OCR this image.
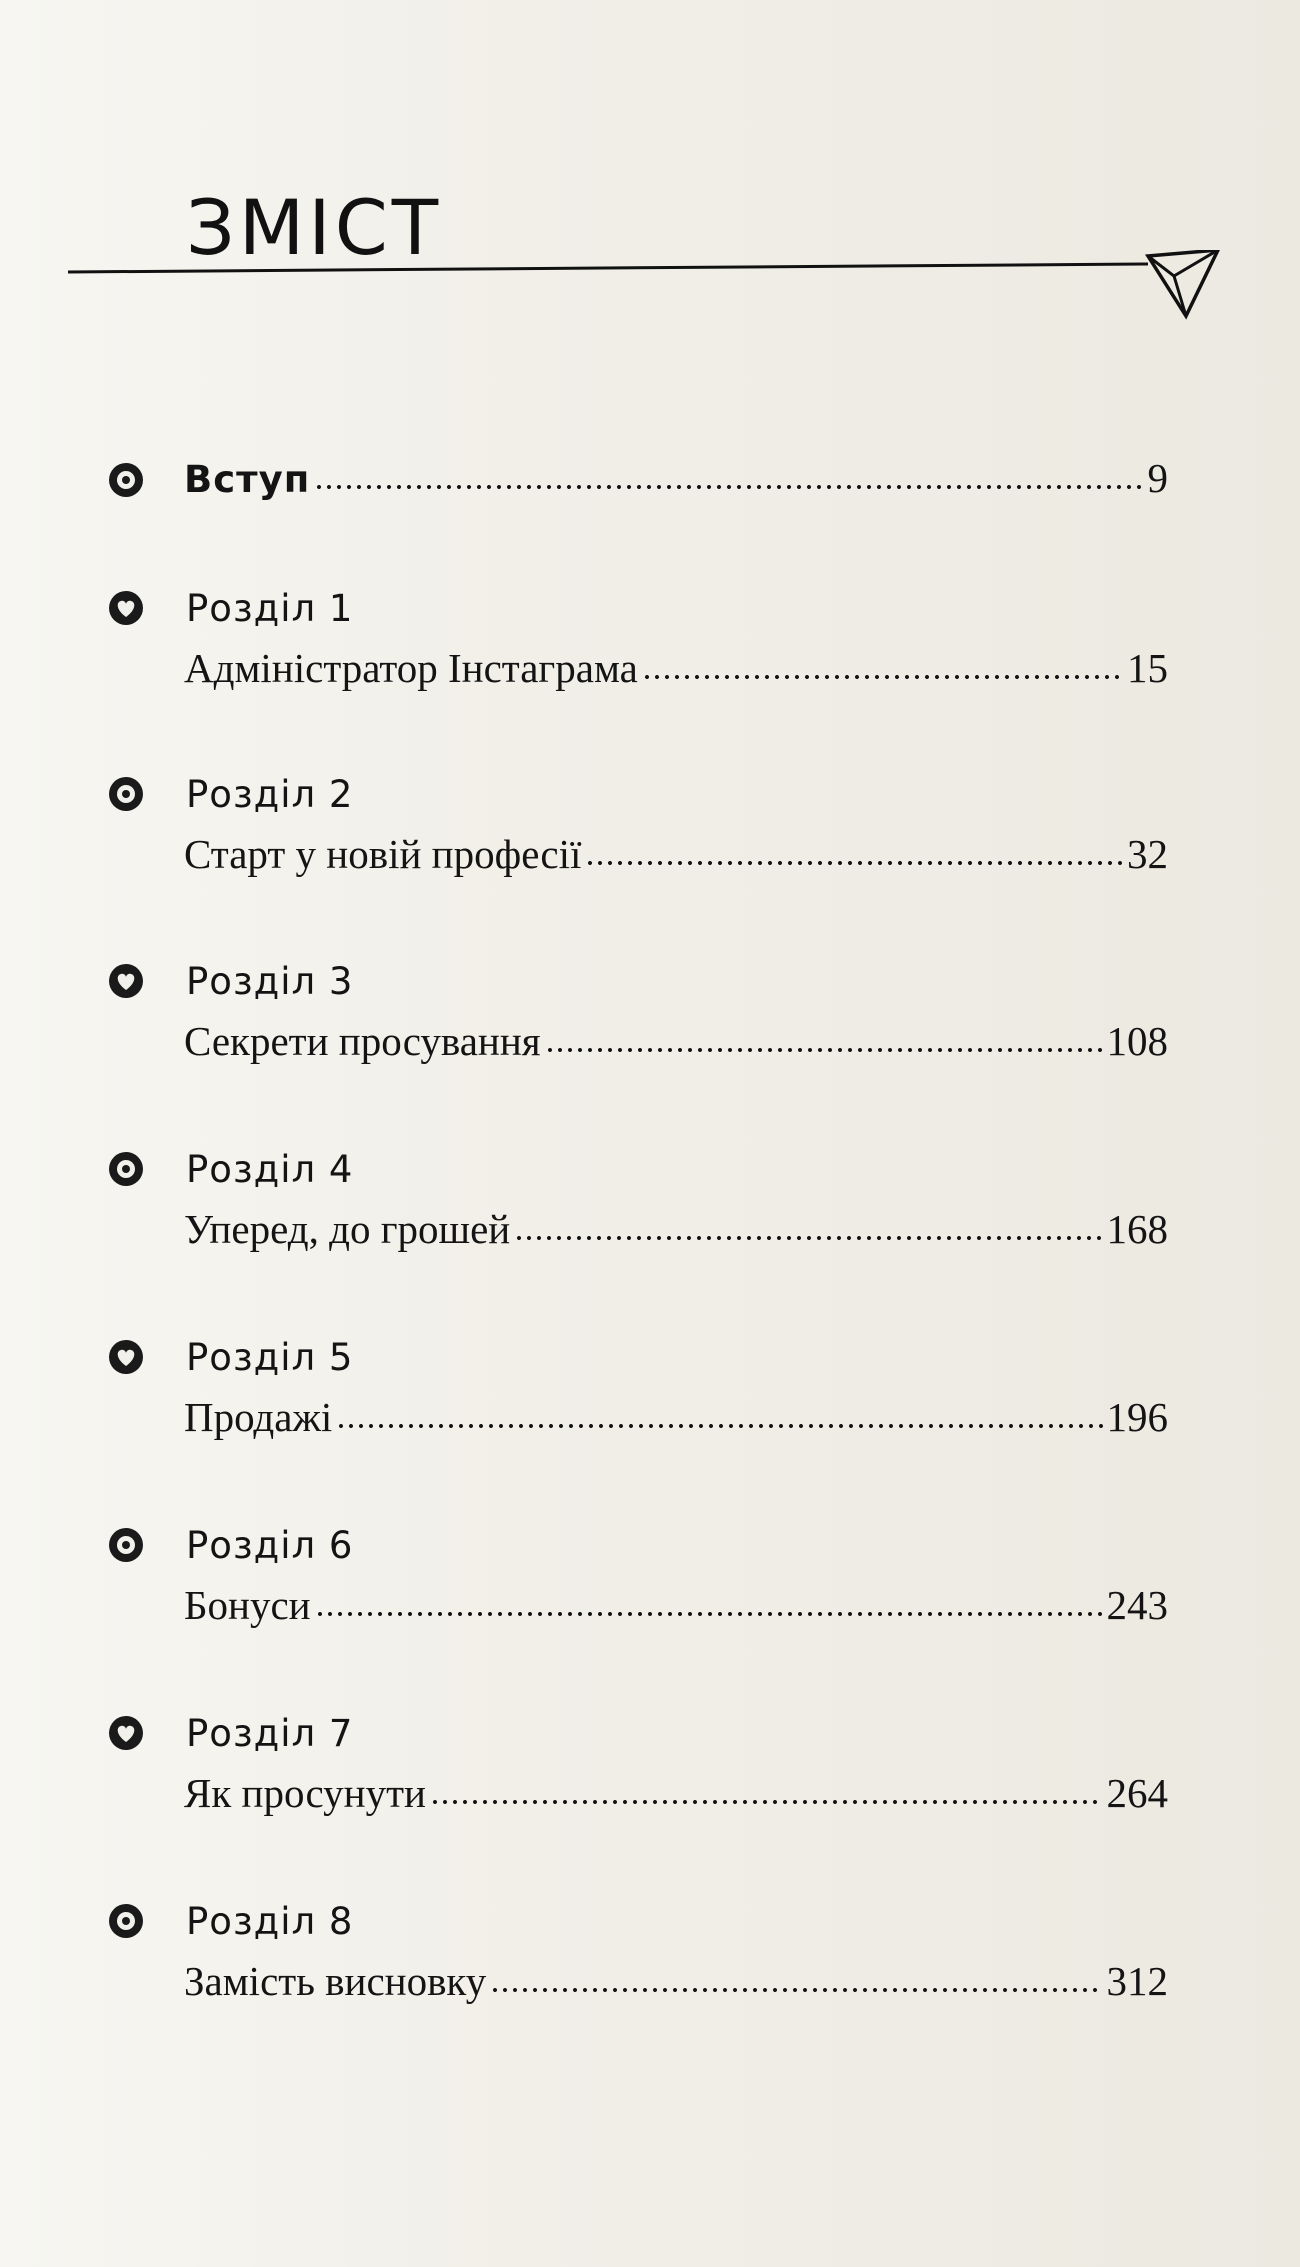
ЗМІСТ
Вступ	9
Розділ 1
Адміністратор Інстаграма	15
Розділ 2
Старт у новій професії	32
Розділ 3
Секрети просування	108
Розділ 4
Уперед, до грошей	168
Розділ 5
Продажі	196
Розділ 6
Бонуси	243
Розділ 7
Як просунути	264
Розділ 8
Замість висновку	312
